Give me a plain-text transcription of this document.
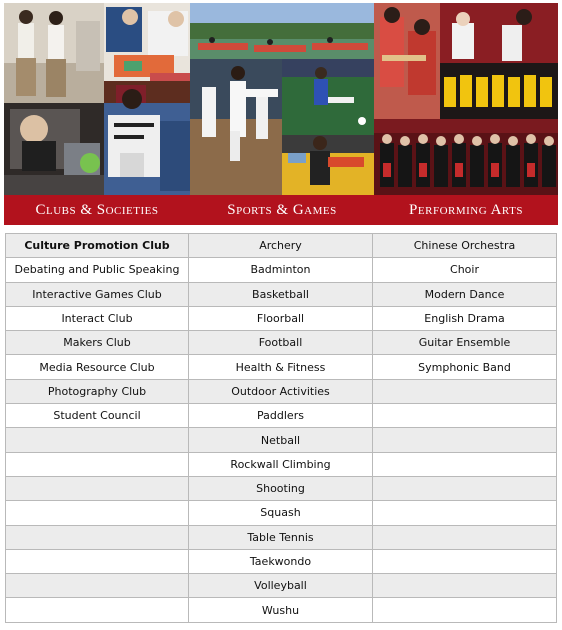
Clubs & Societies	Sports & Games	Performing Arts
Culture Promotion Club	Archery	Chinese Orchestra
Debating and Public Speaking	Badminton	Choir
Interactive Games Club	Basketball	Modern Dance
Interact Club	Floorball	English Drama
Makers Club	Football	Guitar Ensemble
Media Resource Club	Health & Fitness	Symphonic Band
Photography Club	Outdoor Activities	
Student Council	Paddlers	
	Netball	
	Rockwall Climbing	
	Shooting	
	Squash	
	Table Tennis	
	Taekwondo	
	Volleyball	
	Wushu	
